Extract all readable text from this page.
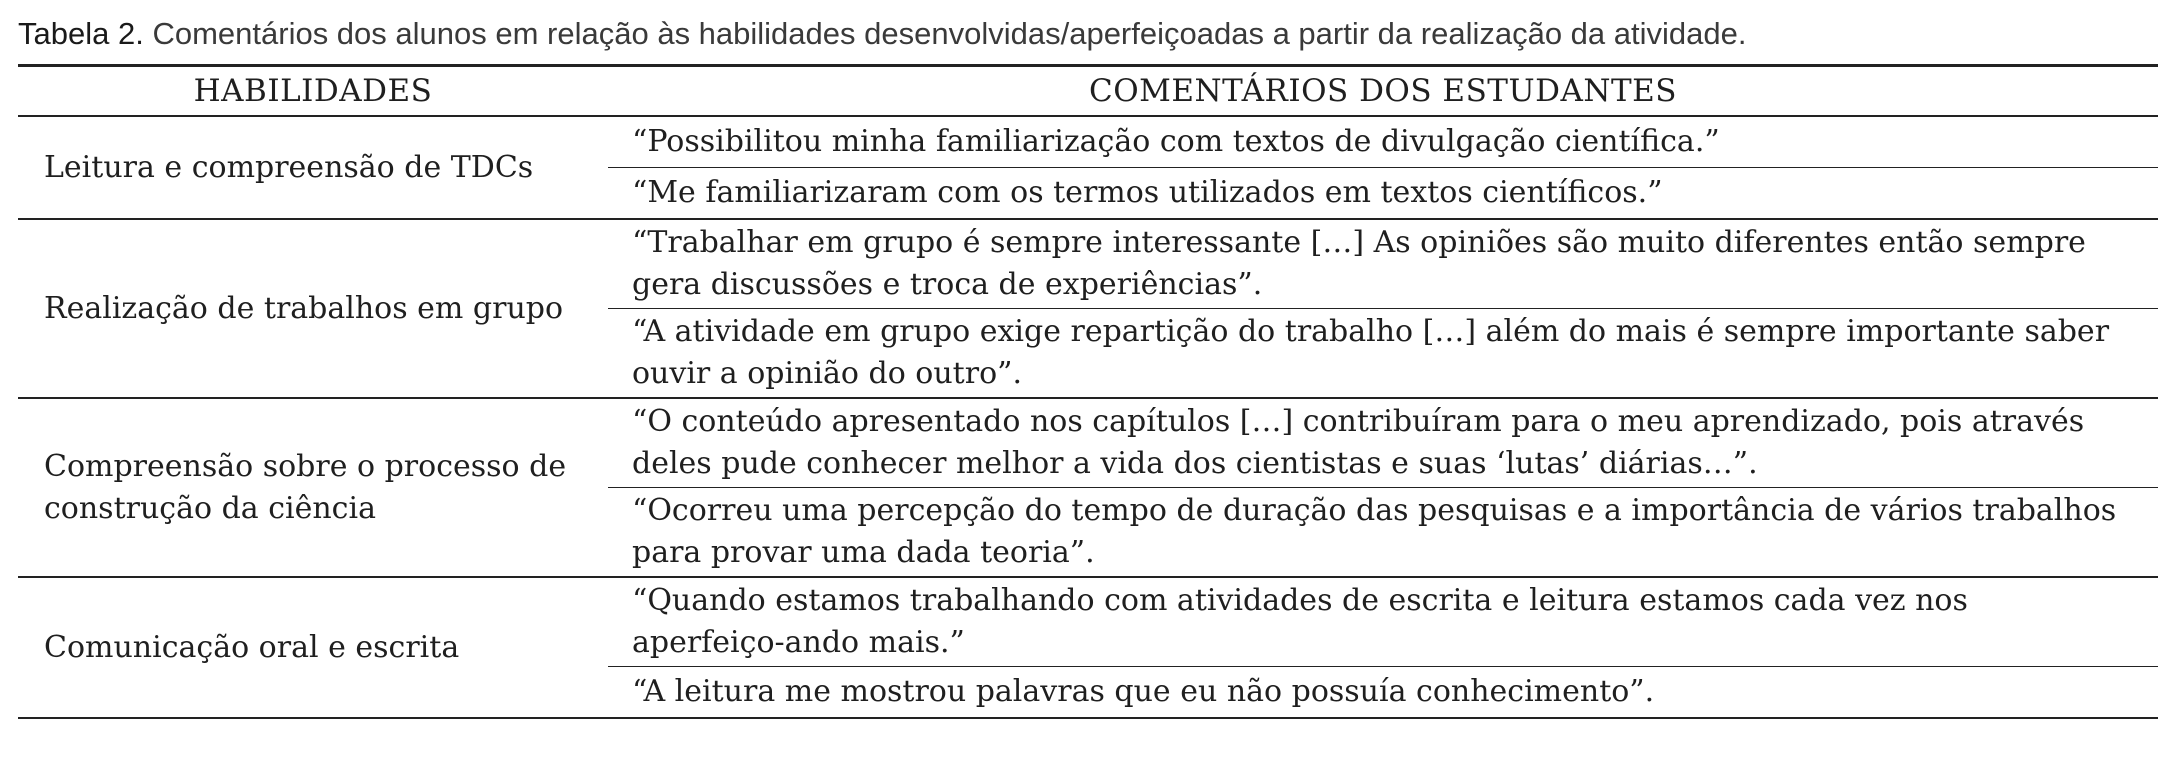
Tabela 2. Comentários dos alunos em relação às habilidades desenvolvidas/aperfeiçoadas a partir da realização da atividade.
HABILIDADES	COMENTÁRIOS DOS ESTUDANTES
Leitura e compreensão de TDCs	“Possibilitou minha familiarização com textos de divulgação científica.”
	“Me familiarizaram com os termos utilizados em textos científicos.”
Realização de trabalhos em grupo	“Trabalhar em grupo é sempre interessante […] As opiniões são muito diferentes então sempre gera discussões e troca de experiências”.
	“A atividade em grupo exige repartição do trabalho […] além do mais é sempre importante saber ouvir a opinião do outro”.
Compreensão sobre o processo de construção da ciência	“O conteúdo apresentado nos capítulos […] contribuíram para o meu aprendizado, pois através deles pude conhecer melhor a vida dos cientistas e suas ‘lutas’ diárias…”.
	“Ocorreu uma percepção do tempo de duração das pesquisas e a importância de vários trabalhos para provar uma dada teoria”.
Comunicação oral e escrita	“Quando estamos trabalhando com atividades de escrita e leitura estamos cada vez nos aperfeiço-ando mais.”
	“A leitura me mostrou palavras que eu não possuía conhecimento”.
